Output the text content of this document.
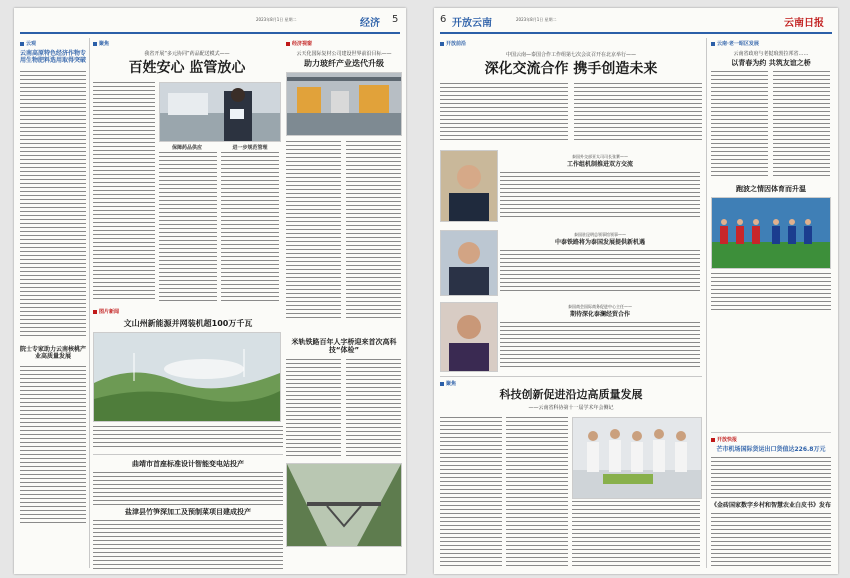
2023年8月1日 星期二	经济 5
云观
云南高原特色经济作物专用生物肥料选用取得突破
院士专家助力云南核桃产业高质量发展
聚焦
我省开展“多元协同”药品配送模式——
百姓安心 监管放心
保障药品供应	进一步规范管理
经济视窗
云天化国际复材公司建设世界前沿目标——
助力玻纤产业迭代升级
图片新闻
文山州新能源并网装机超100万千瓦
米轨铁路百年人字桥迎来首次高科技“体检”
曲靖市首座标准设计智能变电站投产
盐津县竹笋深加工及预制菜项目建成投产
6 开放云南	2023年8月1日 星期二	云南日报
开放前沿
中国云南—泰国合作工作组第七次会议召开在北京举行——
深化交流合作 携手创造未来
泰国外交部亚太司司长张赛——
工作组机制推进双方交流
泰国驻昆明总领事馆领事——
中泰铁路将为泰国发展提供新机遇
泰国商会国际商务促进中心主任——
期待深化泰澜经贸合作
云南·老一昭区发展
云南省政府与老挝琅勃拉邦省……
以青春为约 共筑友谊之桥
跑波之情因体育而升温
聚焦
科技创新促进沿边高质量发展
——云南省科协第十一届学术年会侧记
开放快报
芒市机场国际货运出口货值达226.8万元
《金砖国家数字乡村和智慧农业白皮书》发布
